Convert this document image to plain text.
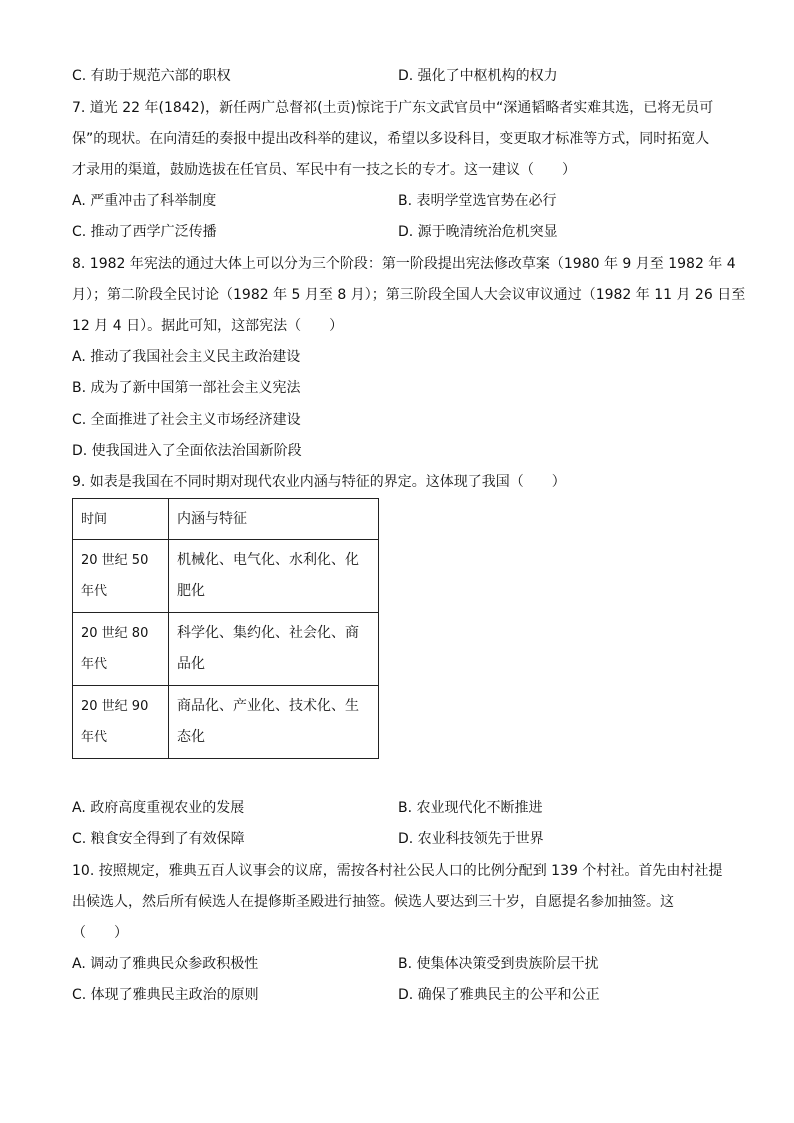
C. 有助于规范六部的职权	D. 强化了中枢机构的权力
7. 道光 22 年(1842)，新任两广总督祁(土贡)惊诧于广东文武官员中“深通韬略者实难其选，已将无员可
保”的现状。在向清廷的奏报中提出改科举的建议，希望以多设科目，变更取才标准等方式，同时拓宽人
才录用的渠道，鼓励选拔在任官员、军民中有一技之长的专才。这一建议（　　）
A. 严重冲击了科举制度	B. 表明学堂选官势在必行
C. 推动了西学广泛传播	D. 源于晚清统治危机突显
8. 1982 年宪法的通过大体上可以分为三个阶段：第一阶段提出宪法修改草案（1980 年 9 月至 1982 年 4
月）；第二阶段全民讨论（1982 年 5 月至 8 月）；第三阶段全国人大会议审议通过（1982 年 11 月 26 日至
12 月 4 日）。据此可知，这部宪法（　　）
A. 推动了我国社会主义民主政治建设
B. 成为了新中国第一部社会主义宪法
C. 全面推进了社会主义市场经济建设
D. 使我国进入了全面依法治国新阶段
9. 如表是我国在不同时期对现代农业内涵与特征的界定。这体现了我国（　　）
时间	内涵与特征

20 世纪 50 年代	机械化、电气化、水利化、化肥化

20 世纪 80 年代	科学化、集约化、社会化、商品化

20 世纪 90 年代	商品化、产业化、技术化、生态化
A. 政府高度重视农业的发展	B. 农业现代化不断推进
C. 粮食安全得到了有效保障	D. 农业科技领先于世界
10. 按照规定，雅典五百人议事会的议席，需按各村社公民人口的比例分配到 139 个村社。首先由村社提
出候选人，然后所有候选人在提修斯圣殿进行抽签。候选人要达到三十岁，自愿提名参加抽签。这
（　　）
A. 调动了雅典民众参政积极性	B. 使集体决策受到贵族阶层干扰
C. 体现了雅典民主政治的原则	D. 确保了雅典民主的公平和公正
